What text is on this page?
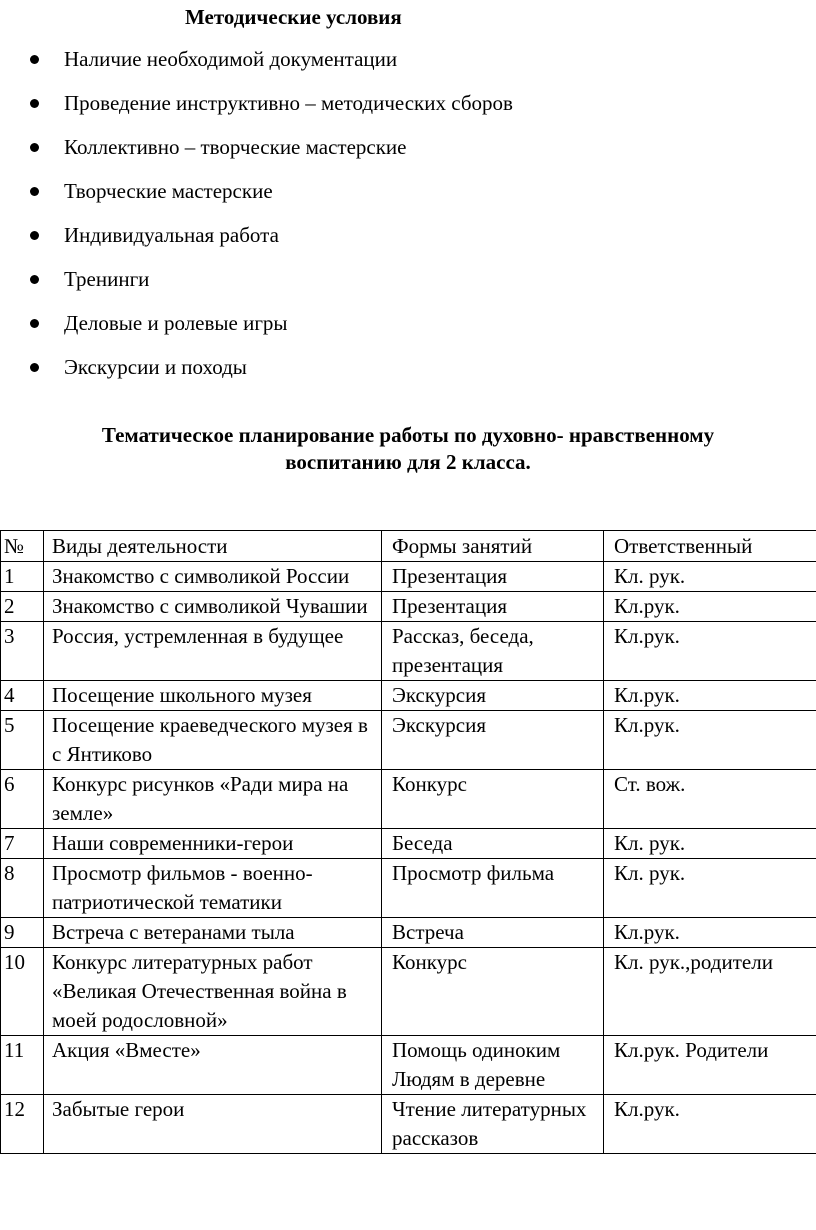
Методические условия
Наличие необходимой документации
Проведение инструктивно – методических сборов
Коллективно – творческие мастерские
Творческие мастерские
Индивидуальная работа
Тренинги
Деловые и ролевые игры
Экскурсии и походы
Тематическое планирование работы по духовно- нравственному
воспитанию для 2 класса.
№	Виды деятельности	Формы занятий	Ответственный
1	Знакомство с символикой России	Презентация	Кл. рук.
2	Знакомство с символикой Чувашии	Презентация	Кл.рук.
3	Россия, устремленная в будущее	Рассказ, беседа, презентация	Кл.рук.
4	Посещение школьного музея	Экскурсия	Кл.рук.
5	Посещение краеведческого музея в с Янтиково	Экскурсия	Кл.рук.
6	Конкурс рисунков «Ради мира на земле»	Конкурс	Ст. вож.
7	Наши современники-герои	Беседа	Кл. рук.
8	Просмотр фильмов - военно-патриотической тематики	Просмотр фильма	Кл. рук.
9	Встреча с ветеранами тыла	Встреча	Кл.рук.
10	Конкурс литературных работ «Великая Отечественная война в моей родословной»	Конкурс	Кл. рук.,родители
11	Акция «Вместе»	Помощь одиноким Людям в деревне	Кл.рук. Родители
12	Забытые герои	Чтение литературных рассказов	Кл.рук.
